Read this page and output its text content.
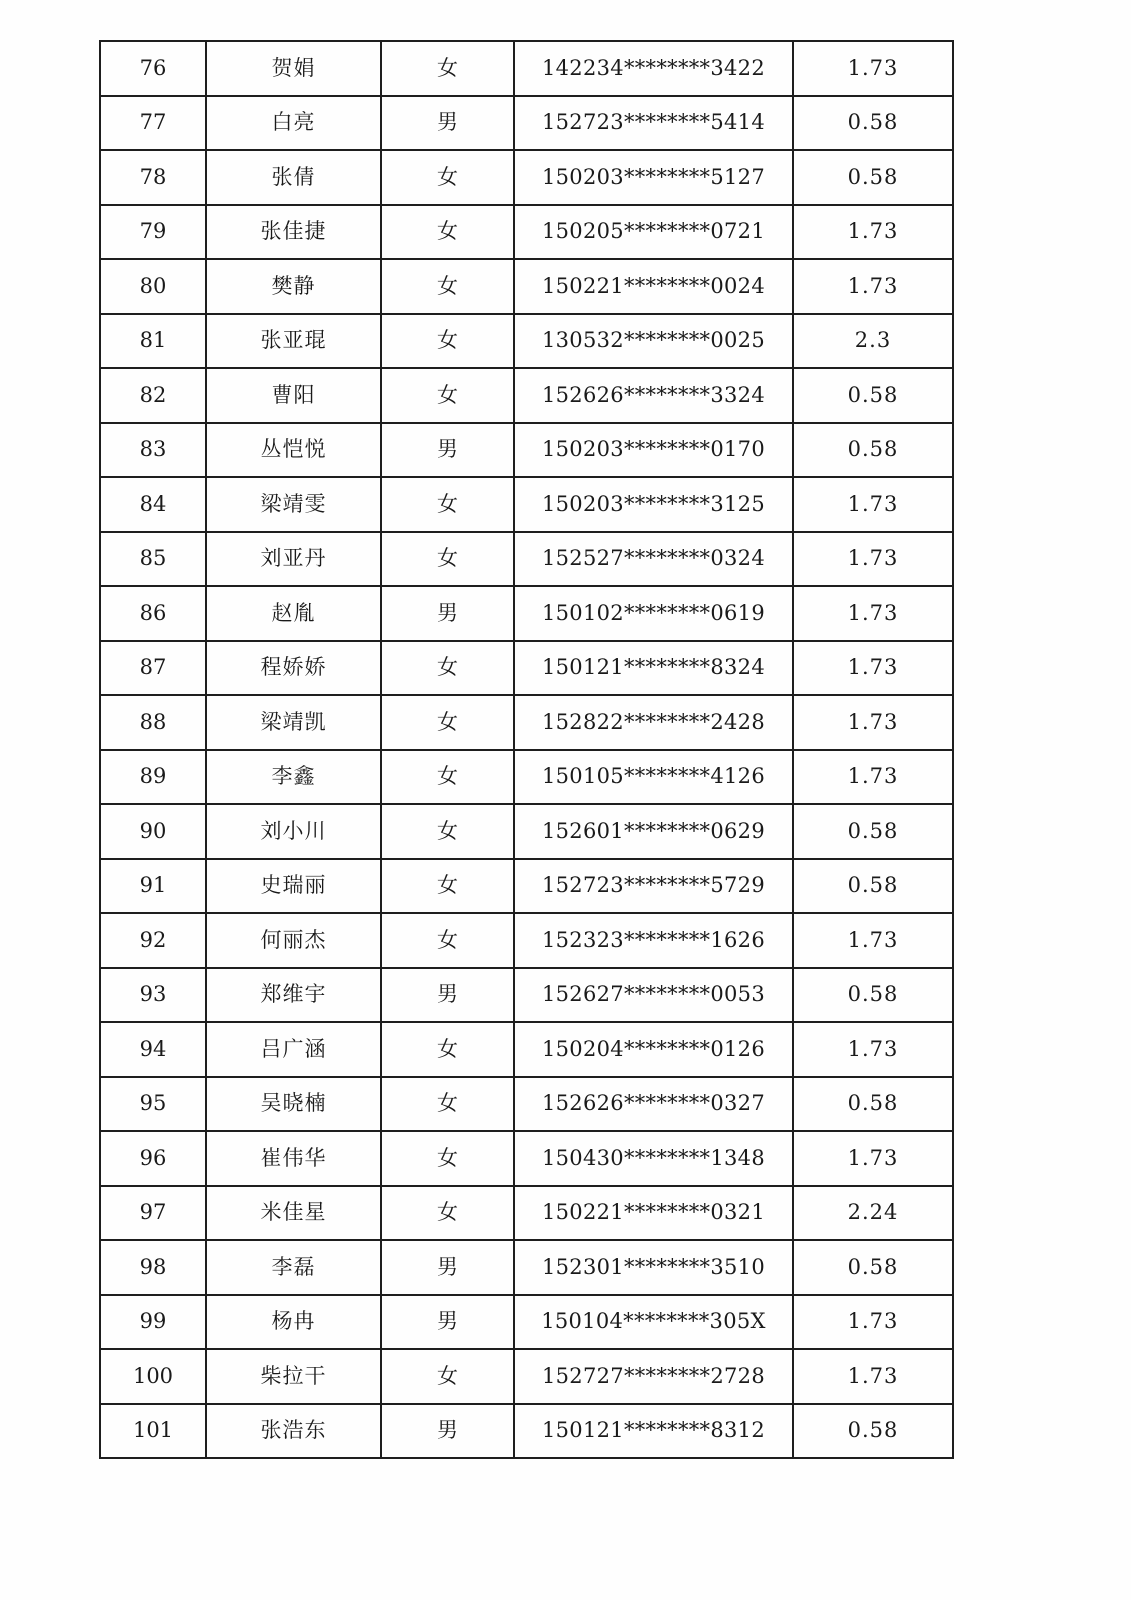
76	贺娟	女	142234********3422	1.73
77	白亮	男	152723********5414	0.58
78	张倩	女	150203********5127	0.58
79	张佳捷	女	150205********0721	1.73
80	樊静	女	150221********0024	1.73
81	张亚琨	女	130532********0025	2.3
82	曹阳	女	152626********3324	0.58
83	丛恺悦	男	150203********0170	0.58
84	梁靖雯	女	150203********3125	1.73
85	刘亚丹	女	152527********0324	1.73
86	赵胤	男	150102********0619	1.73
87	程娇娇	女	150121********8324	1.73
88	梁靖凯	女	152822********2428	1.73
89	李鑫	女	150105********4126	1.73
90	刘小川	女	152601********0629	0.58
91	史瑞丽	女	152723********5729	0.58
92	何丽杰	女	152323********1626	1.73
93	郑维宇	男	152627********0053	0.58
94	吕广涵	女	150204********0126	1.73
95	吴晓楠	女	152626********0327	0.58
96	崔伟华	女	150430********1348	1.73
97	米佳星	女	150221********0321	2.24
98	李磊	男	152301********3510	0.58
99	杨冉	男	150104********305X	1.73
100	柴拉干	女	152727********2728	1.73
101	张浩东	男	150121********8312	0.58
